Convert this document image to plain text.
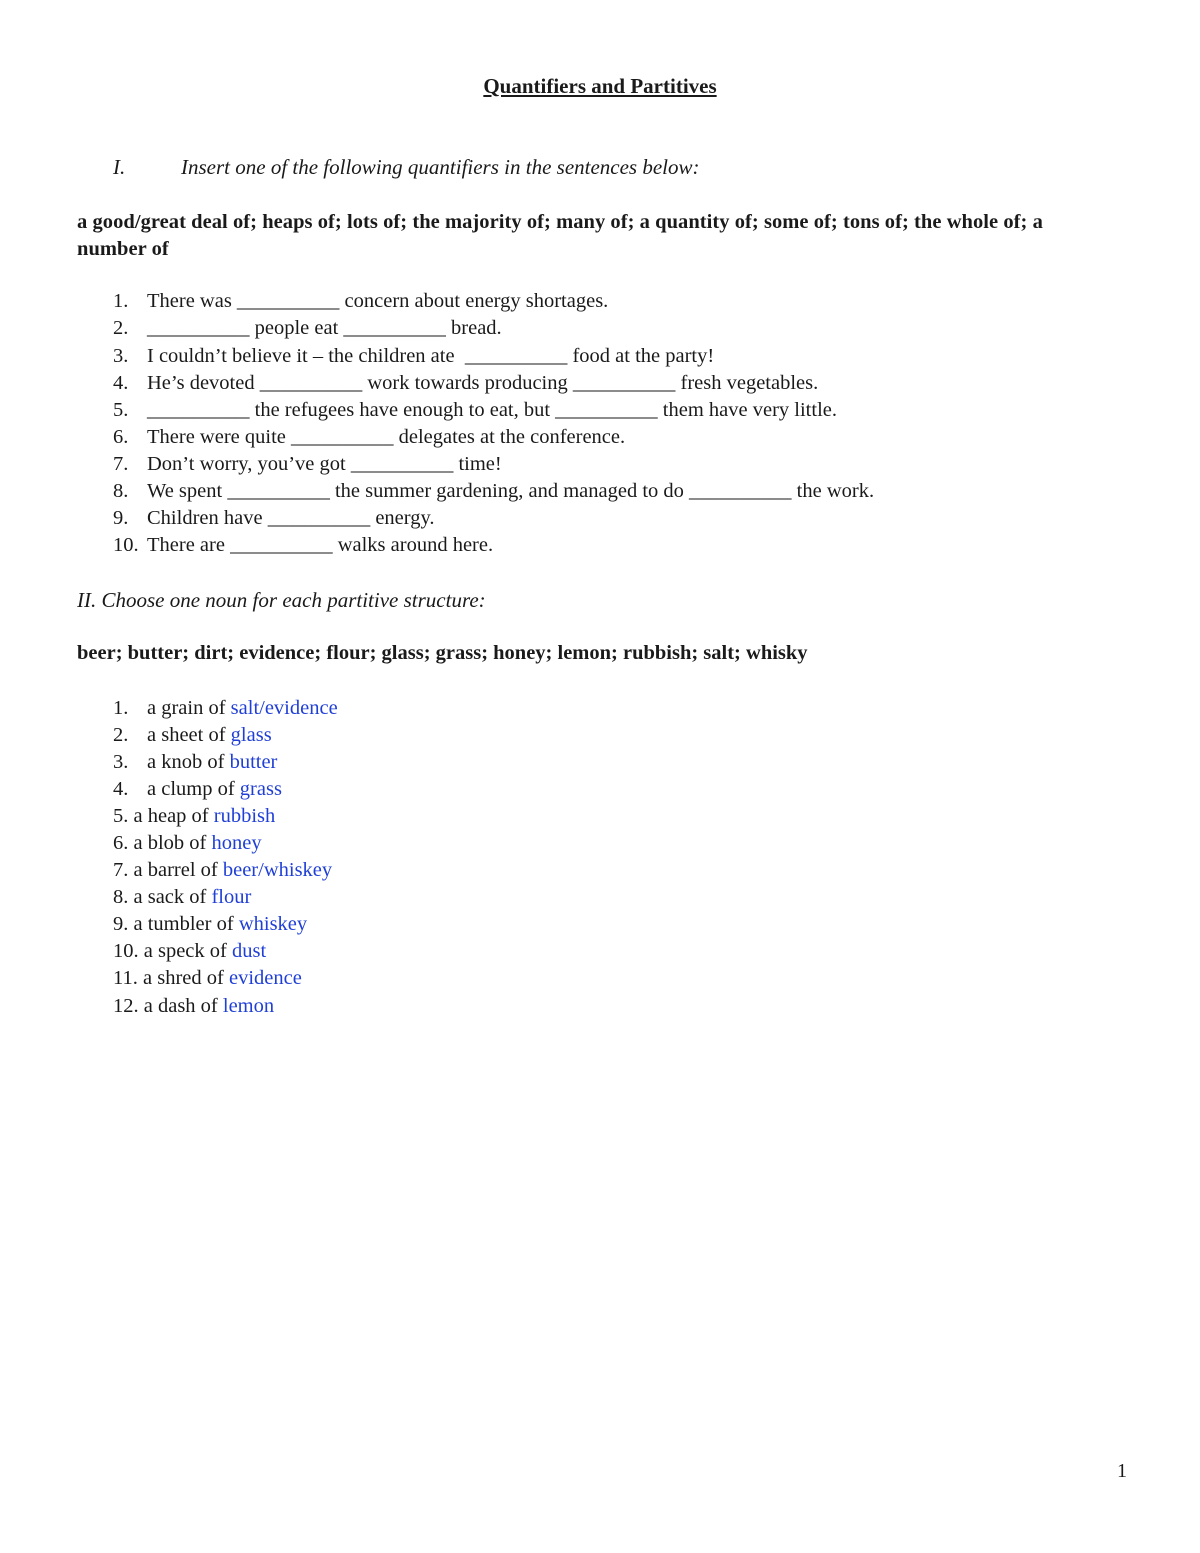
Quantifiers and Partitives
I.	Insert one of the following quantifiers in the sentences below:
a good/great deal of; heaps of; lots of; the majority of; many of; a quantity of; some of; tons of; the whole of; a number of
1. There was __________ concern about energy shortages.
2. __________ people eat __________ bread.
3. I couldn’t believe it – the children ate  __________ food at the party!
4. He’s devoted __________ work towards producing __________ fresh vegetables.
5. __________ the refugees have enough to eat, but __________ them have very little.
6. There were quite __________ delegates at the conference.
7. Don’t worry, you’ve got __________ time!
8. We spent __________ the summer gardening, and managed to do __________ the work.
9. Children have __________ energy.
10. There are __________ walks around here.
II. Choose one noun for each partitive structure:
beer; butter; dirt; evidence; flour; glass; grass; honey; lemon; rubbish; salt; whisky
1. a grain of salt/evidence
2. a sheet of glass
3. a knob of butter
4. a clump of grass
5. a heap of rubbish
6. a blob of honey
7. a barrel of beer/whiskey
8. a sack of flour
9. a tumbler of whiskey
10. a speck of dust
11. a shred of evidence
12. a dash of lemon
1
